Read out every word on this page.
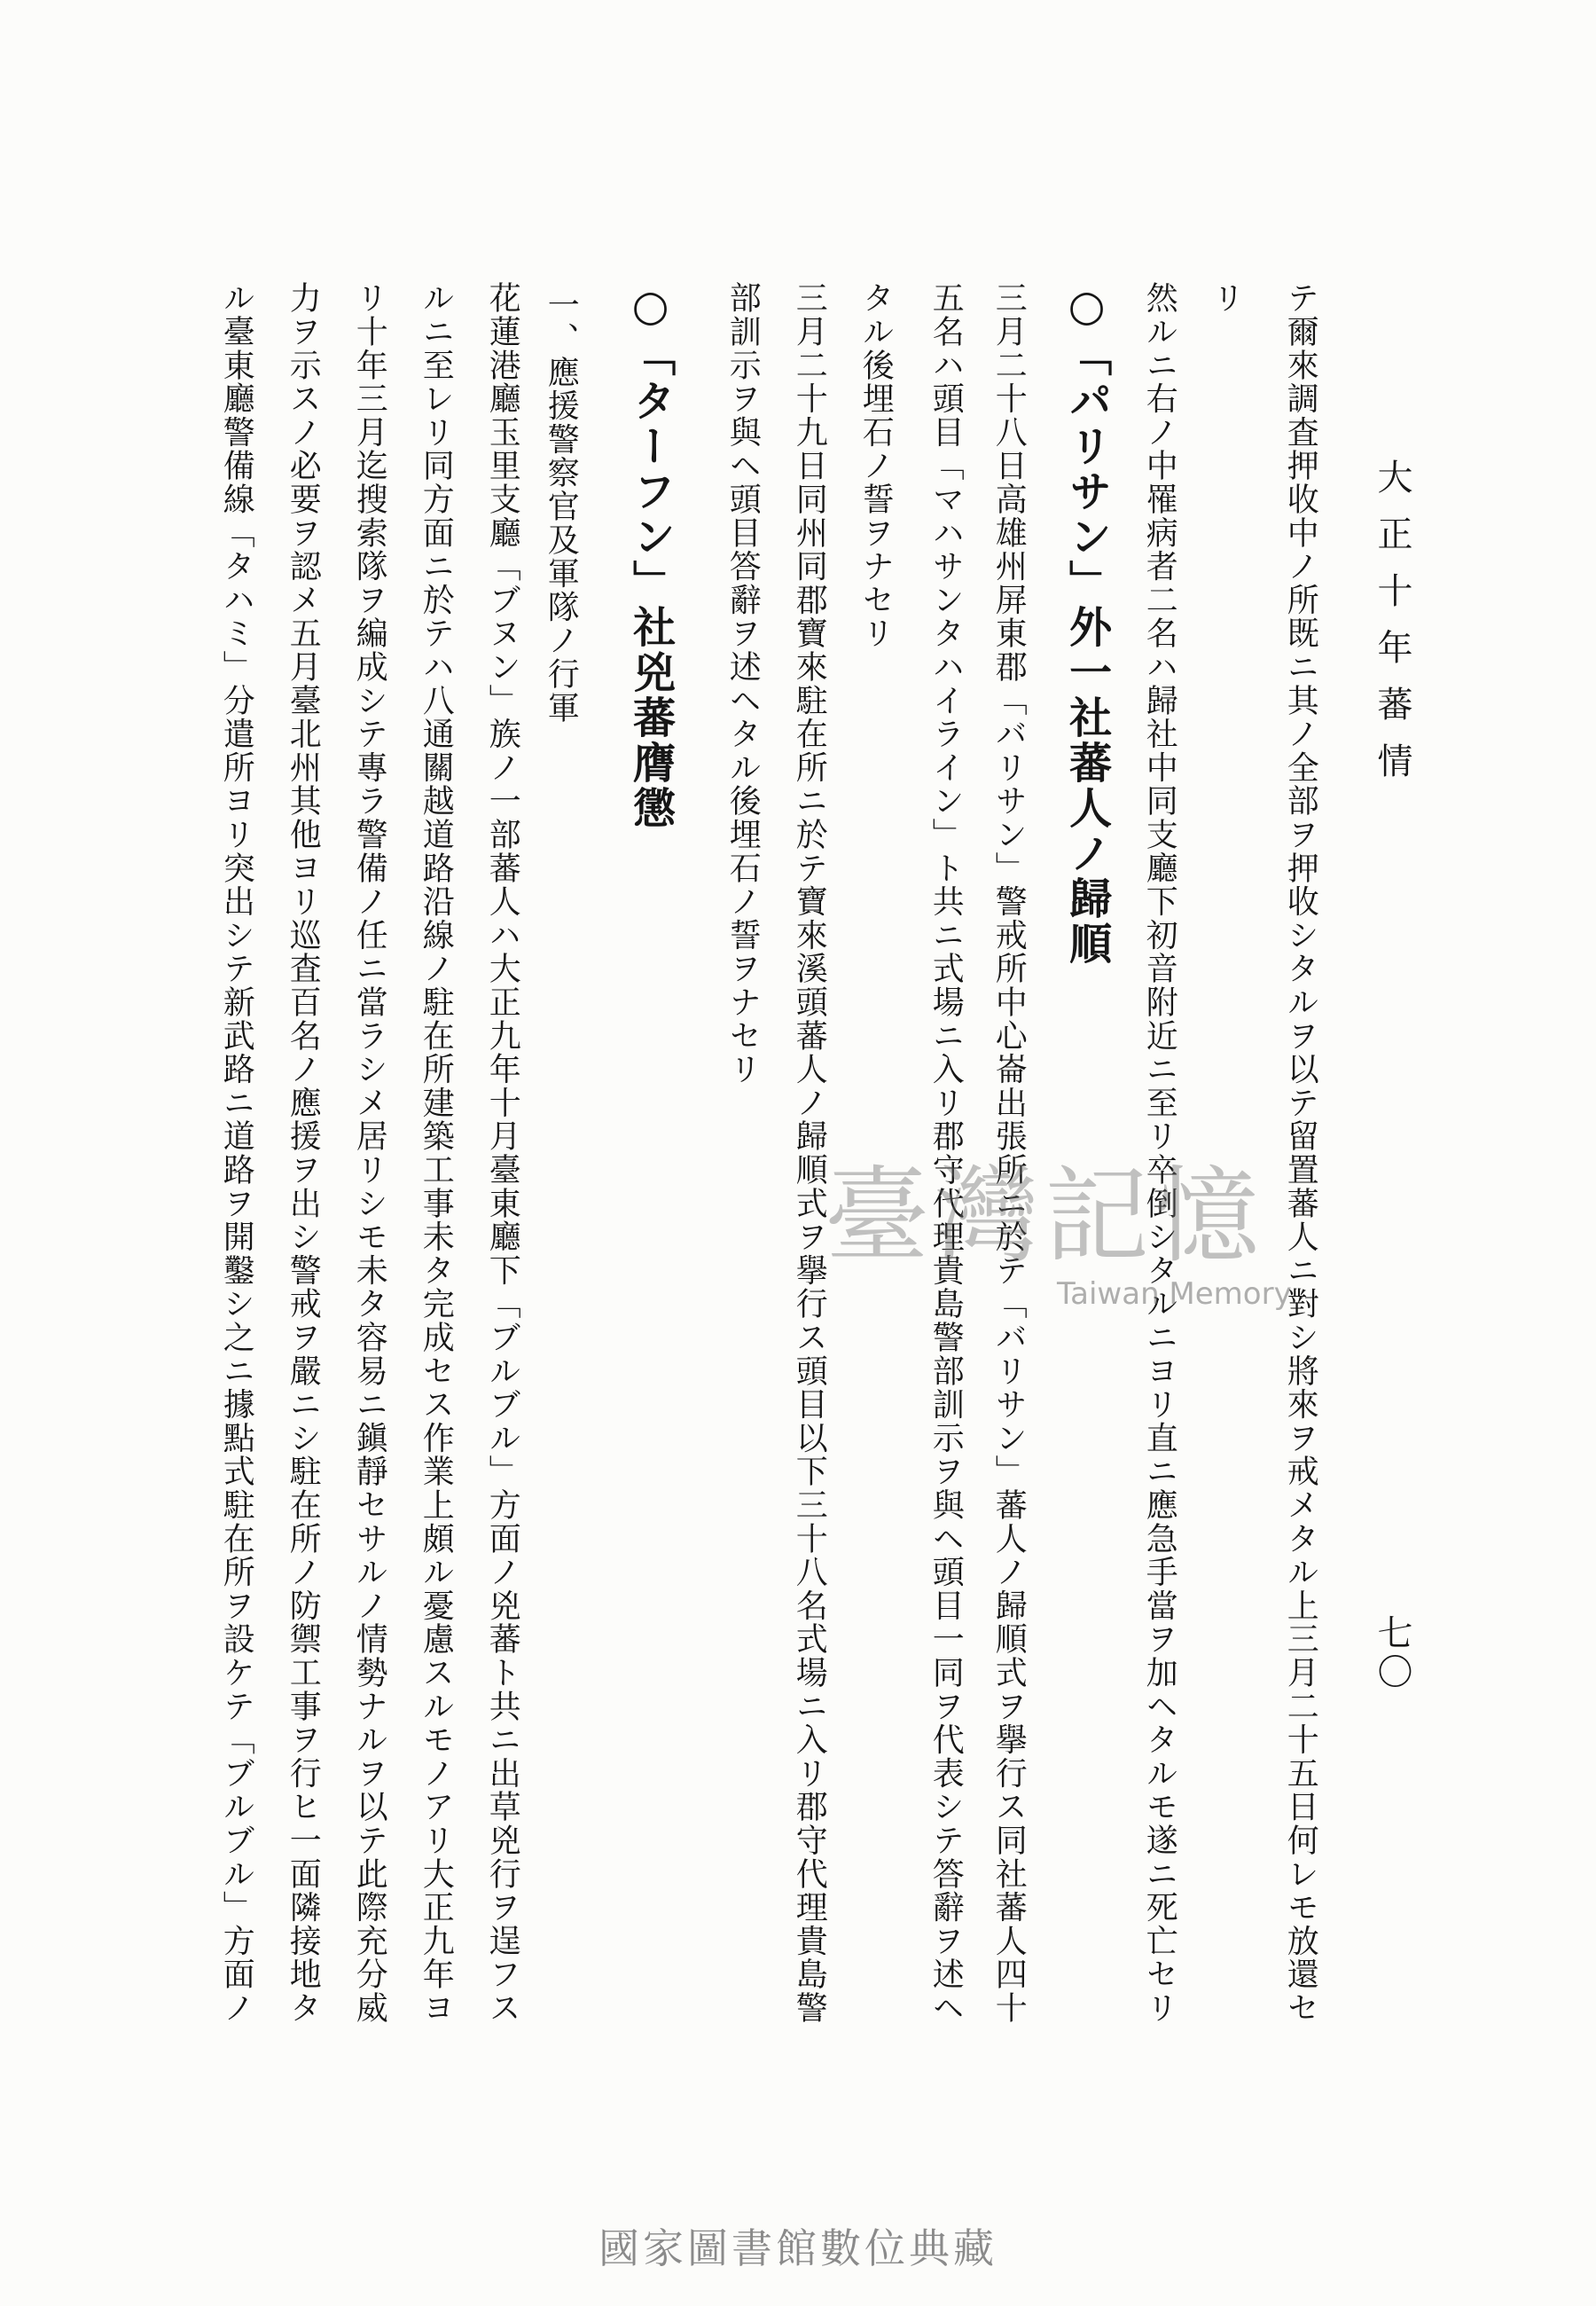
大正十年蕃情
七〇
テ爾來調査押收中ノ所既ニ其ノ全部ヲ押收シタルヲ以テ留置蕃人ニ對シ將來ヲ戒メタル上三月二十五日何レモ放還セ
リ
然ルニ右ノ中罹病者二名ハ歸社中同支廳下初音附近ニ至リ卒倒シタルニヨリ直ニ應急手當ヲ加ヘタルモ遂ニ死亡セリ
○「パリサン」外一社蕃人ノ歸順
三月二十八日高雄州屏東郡「バリサン」警戒所中心崙出張所ニ於テ「バリサン」蕃人ノ歸順式ヲ擧行ス同社蕃人四十
五名ハ頭目「マハサンタハイライン」ト共ニ式場ニ入リ郡守代理貴島警部訓示ヲ與ヘ頭目一同ヲ代表シテ答辭ヲ述ヘ
タル後埋石ノ誓ヲナセリ
三月二十九日同州同郡寶來駐在所ニ於テ寶來溪頭蕃人ノ歸順式ヲ擧行ス頭目以下三十八名式場ニ入リ郡守代理貴島警
部訓示ヲ與ヘ頭目答辭ヲ述ヘタル後埋石ノ誓ヲナセリ
○「ターフン」社兇蕃膺懲
一、應援警察官及軍隊ノ行軍
花蓮港廳玉里支廳「ブヌン」族ノ一部蕃人ハ大正九年十月臺東廳下「ブルブル」方面ノ兇蕃ト共ニ出草兇行ヲ逞フス
ルニ至レリ同方面ニ於テハ八通關越道路沿線ノ駐在所建築工事未タ完成セス作業上頗ル憂慮スルモノアリ大正九年ヨ
リ十年三月迄搜索隊ヲ編成シテ專ラ警備ノ任ニ當ラシメ居リシモ未タ容易ニ鎭靜セサルノ情勢ナルヲ以テ此際充分威
力ヲ示スノ必要ヲ認メ五月臺北州其他ヨリ巡査百名ノ應援ヲ出シ警戒ヲ嚴ニシ駐在所ノ防禦工事ヲ行ヒ一面隣接地タ
ル臺東廳警備線「タハミ」分遣所ヨリ突出シテ新武路ニ道路ヲ開鑿シ之ニ據點式駐在所ヲ設ケテ「ブルブル」方面ノ	臺灣記憶
Taiwan Memory
國家圖書館數位典藏
